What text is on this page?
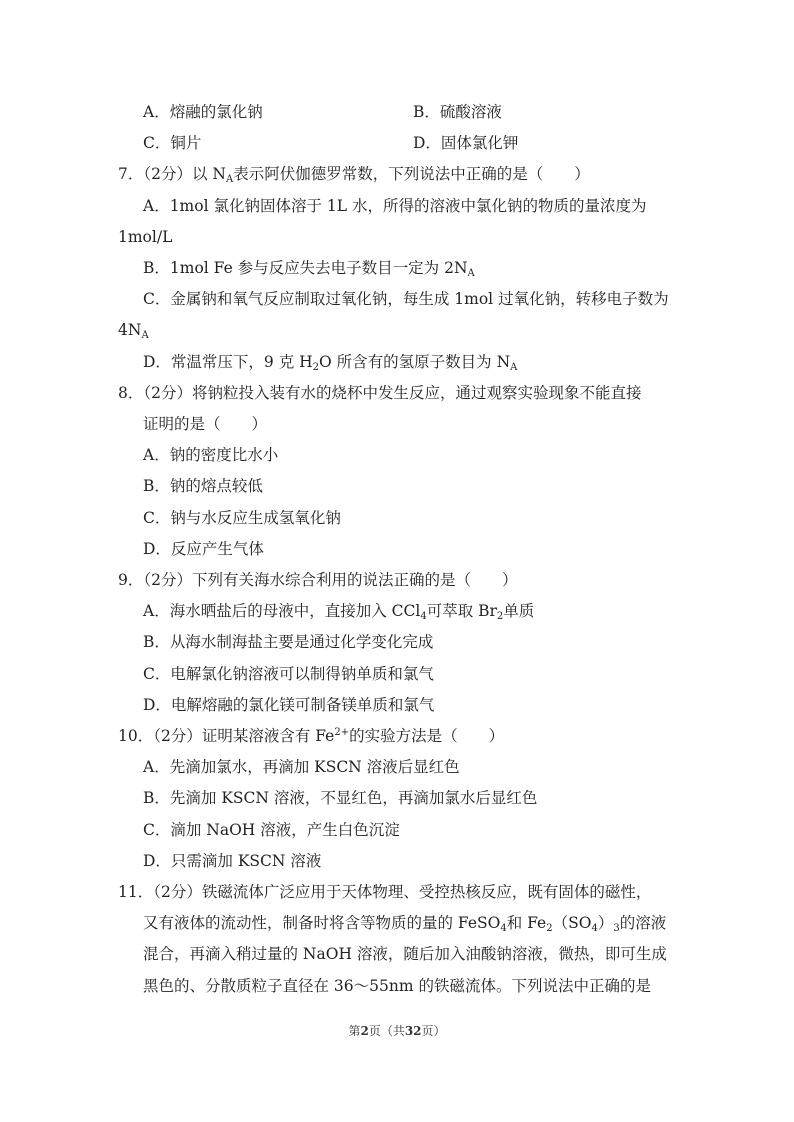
A．熔融的氯化钠	B．硫酸溶液
C．铜片	D．固体氯化钾
7．（2分）以 $N_A$表示阿伏伽德罗常数，下列说法中正确的是（　　）
A．1mol 氯化钠固体溶于 1L 水，所得的溶液中氯化钠的物质的量浓度为
1mol/L
B．1mol Fe 参与反应失去电子数目一定为 $2N_A$
C．金属钠和氧气反应制取过氧化钠，每生成 1mol 过氧化钠，转移电子数为
$4N_A$
D．常温常压下，9 克 $H_2O$ 所含有的氢原子数目为 $N_A$
8．（2分）将钠粒投入装有水的烧杯中发生反应，通过观察实验现象不能直接
证明的是（　　）
A．钠的密度比水小
B．钠的熔点较低
C．钠与水反应生成氢氧化钠
D．反应产生气体
9．（2分）下列有关海水综合利用的说法正确的是（　　）
A．海水晒盐后的母液中，直接加入 CCl$_4$可萃取 $Br_2$单质
B．从海水制海盐主要是通过化学变化完成
C．电解氯化钠溶液可以制得钠单质和氯气
D．电解熔融的氯化镁可制备镁单质和氯气
10．（2分）证明某溶液含有 $Fe^{2+}$的实验方法是（　　）
A．先滴加氯水，再滴加 KSCN 溶液后显红色
B．先滴加 KSCN 溶液，不显红色，再滴加氯水后显红色
C．滴加 NaOH 溶液，产生白色沉淀
D．只需滴加 KSCN 溶液
11．（2分）铁磁流体广泛应用于天体物理、受控热核反应，既有固体的磁性，
又有液体的流动性，制备时将含等物质的量的 FeSO$_4$和 $Fe_2(SO_4)_3$的溶液
混合，再滴入稍过量的 NaOH 溶液，随后加入油酸钠溶液，微热，即可生成
黑色的、分散质粒子直径在 36～55nm 的铁磁流体。下列说法中正确的是
第2页（共32页）
